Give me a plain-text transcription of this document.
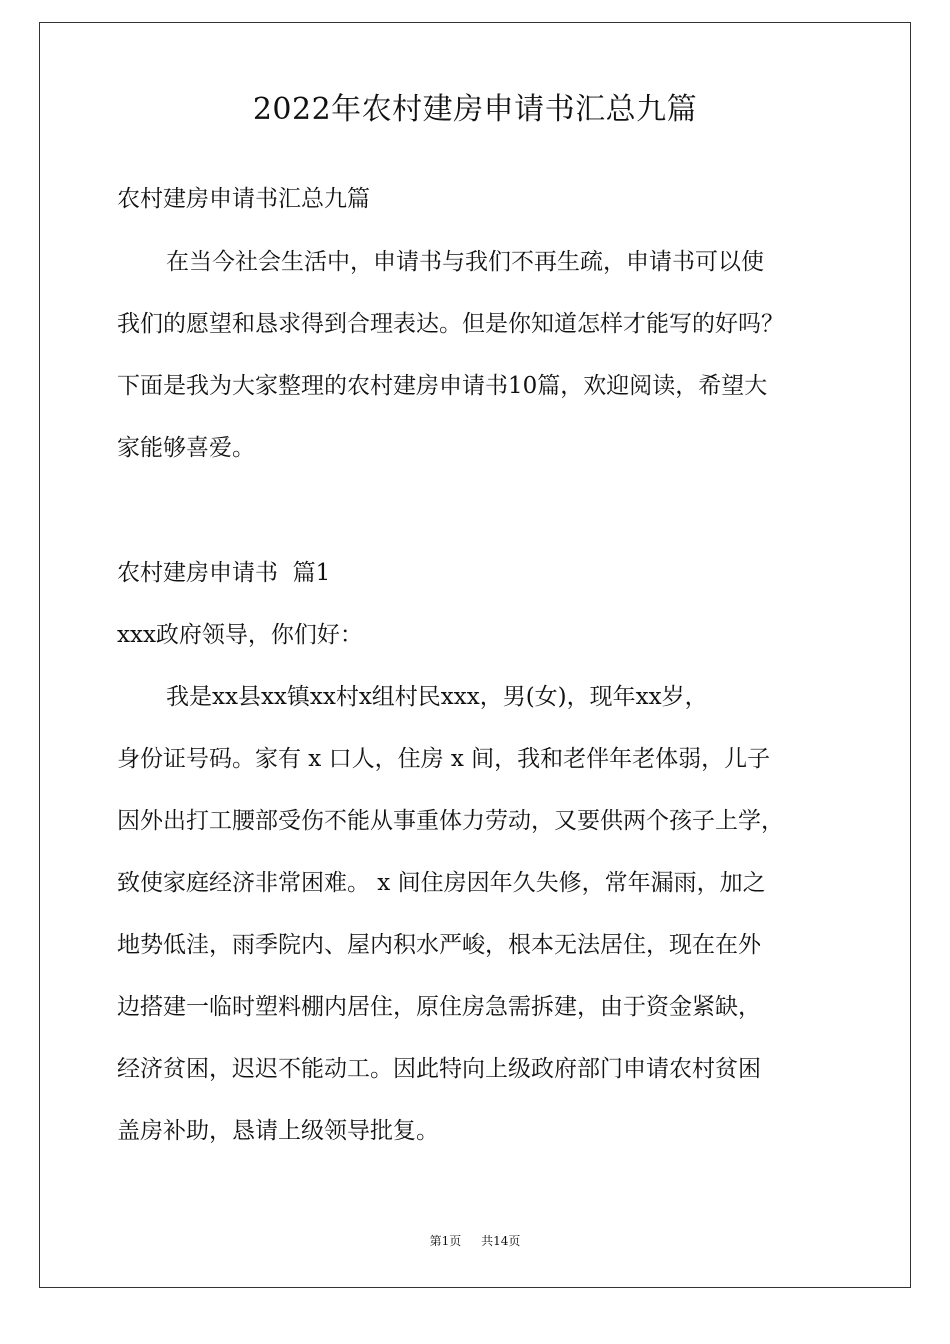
2022年农村建房申请书汇总九篇
农村建房申请书汇总九篇
在当今社会生活中，申请书与我们不再生疏，申请书可以使
我们的愿望和恳求得到合理表达。但是你知道怎样才能写的好吗？
下面是我为大家整理的农村建房申请书10篇，欢迎阅读，希望大
家能够喜爱。
农村建房申请书  篇1
xxx政府领导，你们好：
我是xx县xx镇xx村x组村民xxx，男(女)，现年xx岁，
身份证号码。家有 x 口人，住房 x 间，我和老伴年老体弱，儿子
因外出打工腰部受伤不能从事重体力劳动，又要供两个孩子上学，
致使家庭经济非常困难。 x 间住房因年久失修，常年漏雨，加之
地势低洼，雨季院内、屋内积水严峻，根本无法居住，现在在外
边搭建一临时塑料棚内居住，原住房急需拆建，由于资金紧缺，
经济贫困，迟迟不能动工。因此特向上级政府部门申请农村贫困
盖房补助，恳请上级领导批复。
第1页 共14页
